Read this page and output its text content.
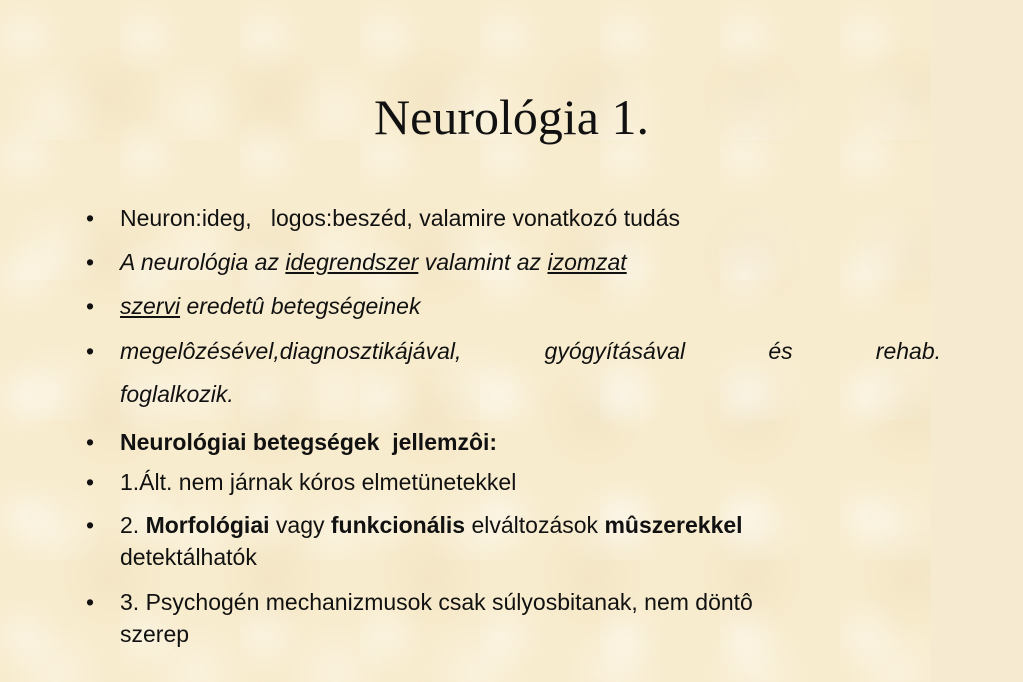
Neurológia 1.
• Neuron:ideg,   logos:beszéd, valamire vonatkozó tudás
• A neurológia az idegrendszer valamint az izomzat
• szervi eredetû betegségeinek
• megelôzésével,diagnosztikájával,	gyógyításával	és	rehab.
foglalkozik.
• Neurológiai betegségek  jellemzôi:
• 1.Ált. nem járnak kóros elmetünetekkel
• 2. Morfológiai vagy funkcionális elváltozások mûszerekkel
detektálhatók
• 3. Psychogén mechanizmusok csak súlyosbitanak, nem döntô
szerep
